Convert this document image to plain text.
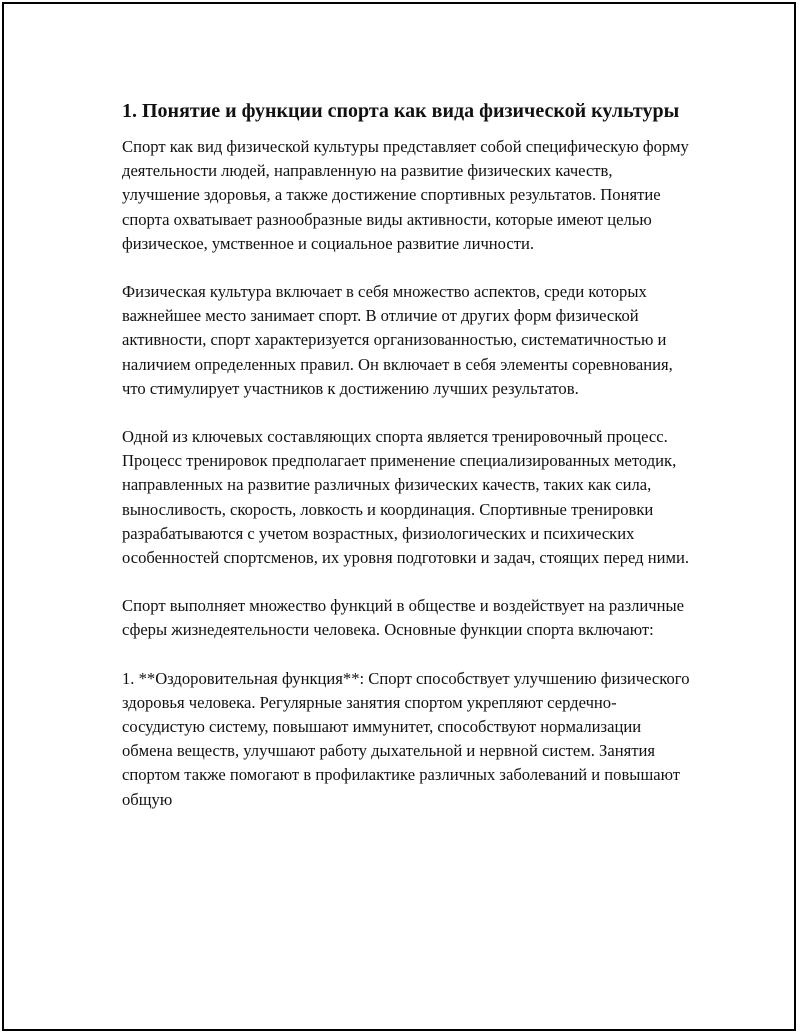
1. Понятие и функции спорта как вида физической культуры

Спорт как вид физической культуры представляет собой специфическую форму деятельности людей, направленную на развитие физических качеств, улучшение здоровья, а также достижение спортивных результатов. Понятие спорта охватывает разнообразные виды активности, которые имеют целью физическое, умственное и социальное развитие личности.

Физическая культура включает в себя множество аспектов, среди которых важнейшее место занимает спорт. В отличие от других форм физической активности, спорт характеризуется организованностью, систематичностью и наличием определенных правил. Он включает в себя элементы соревнования, что стимулирует участников к достижению лучших результатов.

Одной из ключевых составляющих спорта является тренировочный процесс. Процесс тренировок предполагает применение специализированных методик, направленных на развитие различных физических качеств, таких как сила, выносливость, скорость, ловкость и координация. Спортивные тренировки разрабатываются с учетом возрастных, физиологических и психических особенностей спортсменов, их уровня подготовки и задач, стоящих перед ними.

Спорт выполняет множество функций в обществе и воздействует на различные сферы жизнедеятельности человека. Основные функции спорта включают:

1. **Оздоровительная функция**: Спорт способствует улучшению физического здоровья человека. Регулярные занятия спортом укрепляют сердечно-сосудистую систему, повышают иммунитет, способствуют нормализации обмена веществ, улучшают работу дыхательной и нервной систем. Занятия спортом также помогают в профилактике различных заболеваний и повышают общую
